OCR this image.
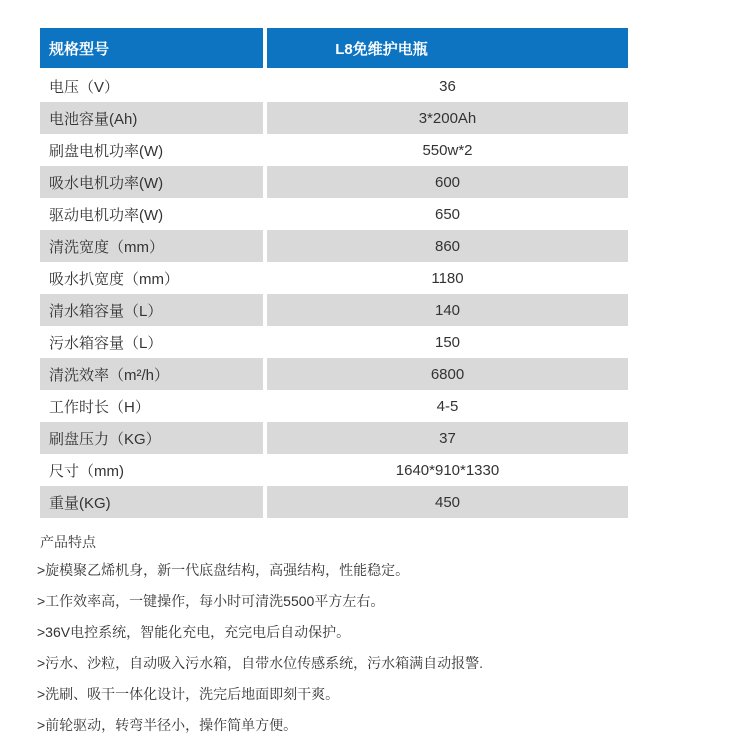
规格型号	L8免维护电瓶
电压（V）	36
电池容量(Ah)	3*200Ah
刷盘电机功率(W)	550w*2
吸水电机功率(W)	600
驱动电机功率(W)	650
清洗宽度（mm）	860
吸水扒宽度（mm）	1180
清水箱容量（L）	140
污水箱容量（L）	150
清洗效率（m²/h）	6800
工作时长（H）	4-5
刷盘压力（KG）	37
尺寸（mm)	1640*910*1330
重量(KG)	450
产品特点
>旋模聚乙烯机身，新一代底盘结构，高强结构，性能稳定。
>工作效率高，一键操作，每小时可清洗5500平方左右。
>36V电控系统，智能化充电，充完电后自动保护。
>污水、沙粒，自动吸入污水箱，自带水位传感系统，污水箱满自动报警.
>洗刷、吸干一体化设计，洗完后地面即刻干爽。
>前轮驱动，转弯半径小，操作简单方便。
